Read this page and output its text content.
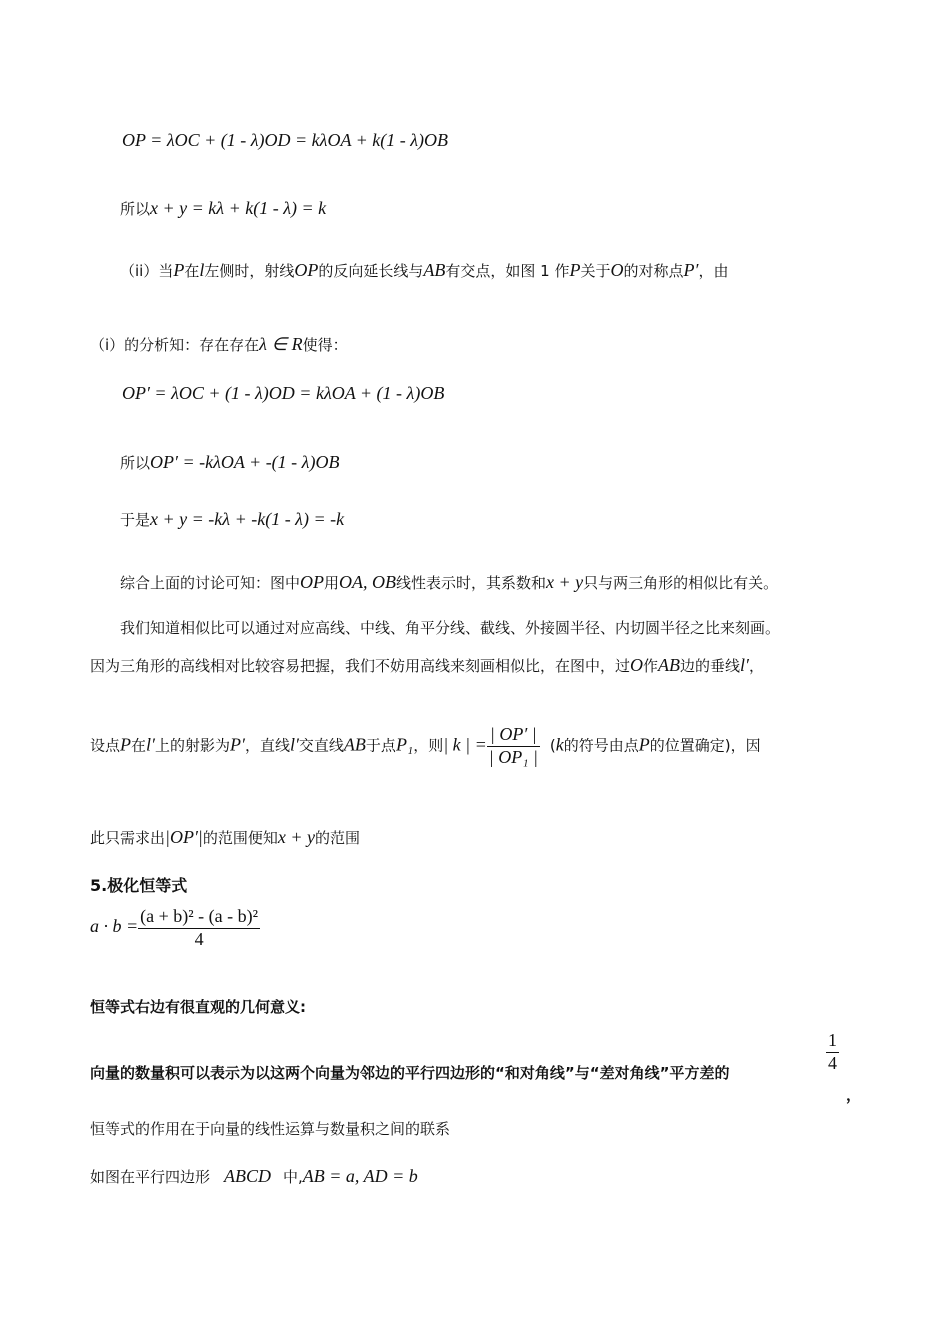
OP = λOC + (1 - λ)OD = kλOA + k(1 - λ)OB
所以x + y = kλ + k(1 - λ) = k
（ii）当P在l左侧时，射线OP的反向延长线与AB有交点，如图 1 作P关于O的对称点P′，由
（i）的分析知：存在存在λ ∈ R使得：
OP′ = λOC + (1 - λ)OD = kλOA + (1 - λ)OB
所以OP′ = -kλOA + -(1 - λ)OB
于是x + y = -kλ + -k(1 - λ) = -k
综合上面的讨论可知：图中OP用OA, OB线性表示时，其系数和x + y只与两三角形的相似比有关。
我们知道相似比可以通过对应高线、中线、角平分线、截线、外接圆半径、内切圆半径之比来刻画。
因为三角形的高线相对比较容易把握，我们不妨用高线来刻画相似比，在图中，过O作AB边的垂线l′，
设点P在l′上的射影为P′，直线l′交直线AB于点P₁，则| k | = $\frac{| OP' |}{\text{| OP₁ |}} (k$的符号由点P的位置确定)，因
此只需求出|OP′|的范围便知x + y的范围
5.极化恒等式
$a \cdot b = \frac{\text{(a + b)² - (a - b)²}}{4}$
恒等式右边有很直观的几何意义:
向量的数量积可以表示为以这两个向量为邻边的平行四边形的“和对角线”与“差对角线”平方差的	$\frac{1}{4}$
，
恒等式的作用在于向量的线性运算与数量积之间的联系
如图在平行四边形 ABCD 中,AB = a, AD = b
